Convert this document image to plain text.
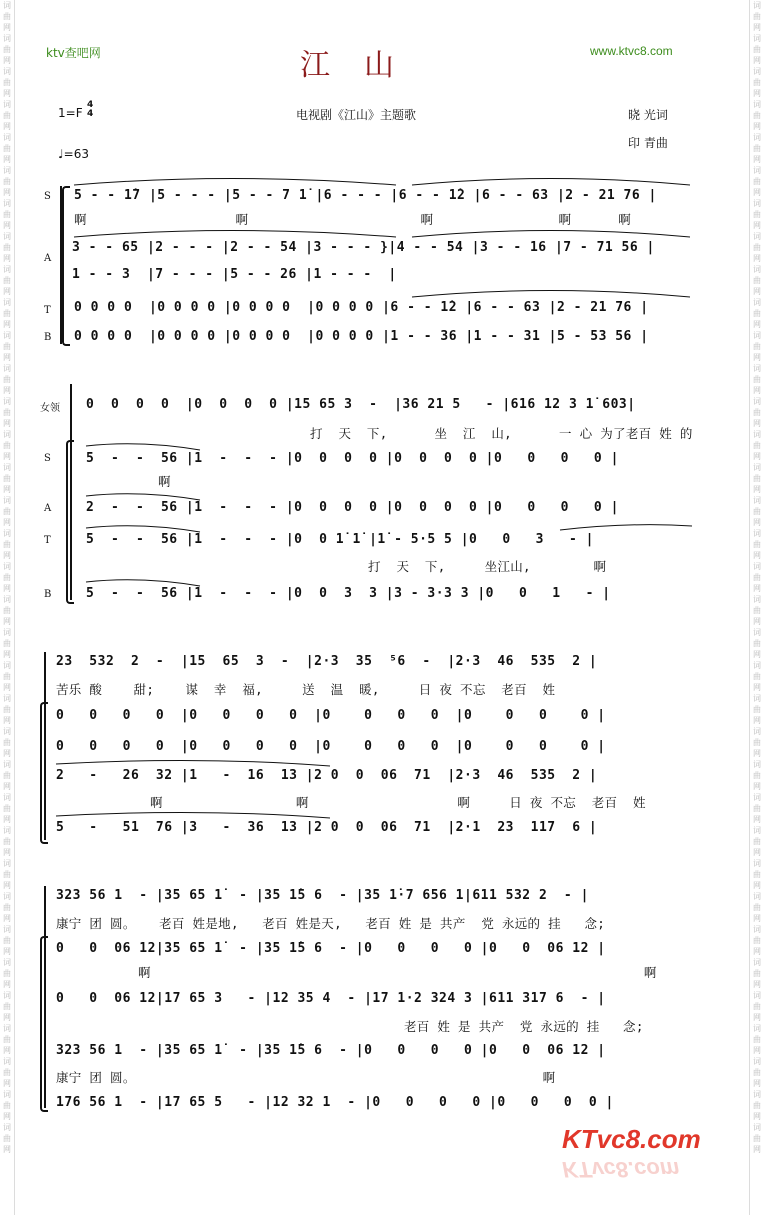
词曲网词曲网词曲网词曲网词曲网词曲网词曲网词曲网词曲网词曲网词曲网词曲网词曲网词曲网词曲网词曲网词曲网词曲网词曲网词曲网词曲网词曲网词曲网词曲网词曲网词曲网词曲网词曲网词曲网词曲网词曲网词曲网词曲网词曲网词曲网
词曲网词曲网词曲网词曲网词曲网词曲网词曲网词曲网词曲网词曲网词曲网词曲网词曲网词曲网词曲网词曲网词曲网词曲网词曲网词曲网词曲网词曲网词曲网词曲网词曲网词曲网词曲网词曲网词曲网词曲网词曲网词曲网词曲网词曲网词曲网
ktv查吧网	www.ktvc8.com
江山
1=F
4
4	电视剧《江山》主题歌	晓 光词
印 青曲
♩=63
S
A
T
B
5 - - 1̇7 |5 - - - |5 - - 7 1̇ |6 - - - |6 - - 1̇2 |6 - - 63 |2 - 21 76 |
啊                   啊                      啊                啊      啊
3 - - 65 |2 - - - |2 - - 54 |3 - - - }|4 - - 54 |3 - - 16 |7 - 71 56 |
1 - - 3  |7 - - - |5 - - 26 |1 - - -  |
0 0 0 0  |0 0 0 0 |0 0 0 0  |0 0 0 0 |6 - - 1̇2 |6 - - 63 |2 - 21 76 |
0 0 0 0  |0 0 0 0 |0 0 0 0  |0 0 0 0 |1 - - 36 |1 - - 31 |5 - 53 56 |
女领
S
A
T
B
0  0  0  0  |0  0  0  0 |15 65 3  -  |36 21 5   - |616 12 3 1̇ 603|
打  天  下,      坐  江  山,      一 心 为了老百 姓 的
5  -  -  56 |1  -  -  - |0  0  0  0 |0  0  0  0 |0   0   0   0 |
啊
2  -  -  56 |1  -  -  - |0  0  0  0 |0  0  0  0 |0   0   0   0 |
5  -  -  56 |1  -  -  - |0  0 1̇ 1̇ |1̇ - 5·5 5 |0   0   3   - |
打  天  下,     坐江山,        啊
5  -  -  56 |1  -  -  - |0  0  3  3 |3 - 3·3 3 |0   0   1   - |
23  532  2  -  |15  65  3  -  |2·3  35  ⁵6  -  |2·3  46  535  2 |
苦乐 酸    甜;    谋  幸  福,     送  温  暖,     日 夜 不忘  老百  姓
0   0   0   0  |0   0   0   0  |0    0   0   0  |0    0   0    0 |
0   0   0   0  |0   0   0   0  |0    0   0   0  |0    0   0    0 |
2   -   26  32 |1   -  16  13 |2 0  0  06  71  |2·3  46  535  2 |
啊                 啊                   啊     日 夜 不忘  老百  姓
5   -   51  76 |3   -  36  13 |2 0  0  06  71  |2·1  23  117  6 |
323 56 1  - |35 65 1̇  - |35 1̇5 6  - |35 1̇·7 656 1|611 532 2  - |
康宁 团 圆。   老百 姓是地,   老百 姓是天,   老百 姓 是 共产  党 永远的 挂   念;
0   0  06 12|35 65 1̇  - |35 1̇5 6  - |0   0   0   0 |0   0  06 12 |
啊                                                               啊
0   0  06 12|17 65 3   - |12 35 4  - |17 1·2 324 3 |611 317 6  - |
老百 姓 是 共产  党 永远的 挂   念;
323 56 1  - |35 65 1̇  - |35 1̇5 6  - |0   0   0   0 |0   0  06 12 |
康宁 团 圆。                                                    啊
176 56 1  - |17 65 5   - |12 32 1  - |0   0   0   0 |0   0   0  0 |
KTvc8.com
KTvc8.com
